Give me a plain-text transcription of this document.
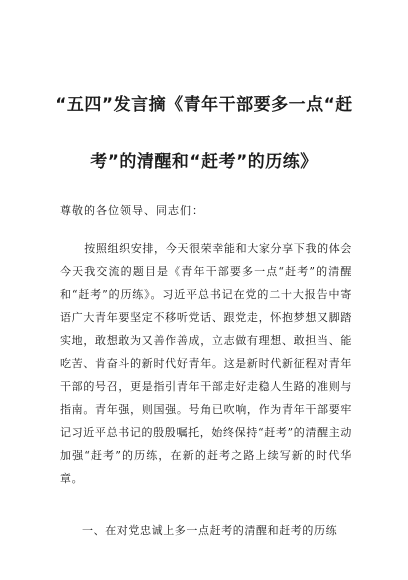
“五四”发言摘《青年干部要多一点“赶
考”的清醒和“赶考”的历练》
尊敬的各位领导、同志们：
按照组织安排，今天很荣幸能和大家分享下我的体会今天我交流的题目是《青年干部要多一点“赶考”的清醒和“赶考”的历练》。习近平总书记在党的二十大报告中寄语广大青年要坚定不移听党话、跟党走，怀抱梦想又脚踏实地，敢想敢为又善作善成，立志做有理想、敢担当、能吃苦、肯奋斗的新时代好青年。这是新时代新征程对青年干部的号召，更是指引青年干部走好走稳人生路的准则与指南。青年强，则国强。号角已吹响，作为青年干部要牢记习近平总书记的殷殷嘱托，始终保持“赶考”的清醒主动加强“赶考”的历练，在新的赶考之路上续写新的时代华章。
一、在对党忠诚上多一点赶考的清醒和赶考的历练
